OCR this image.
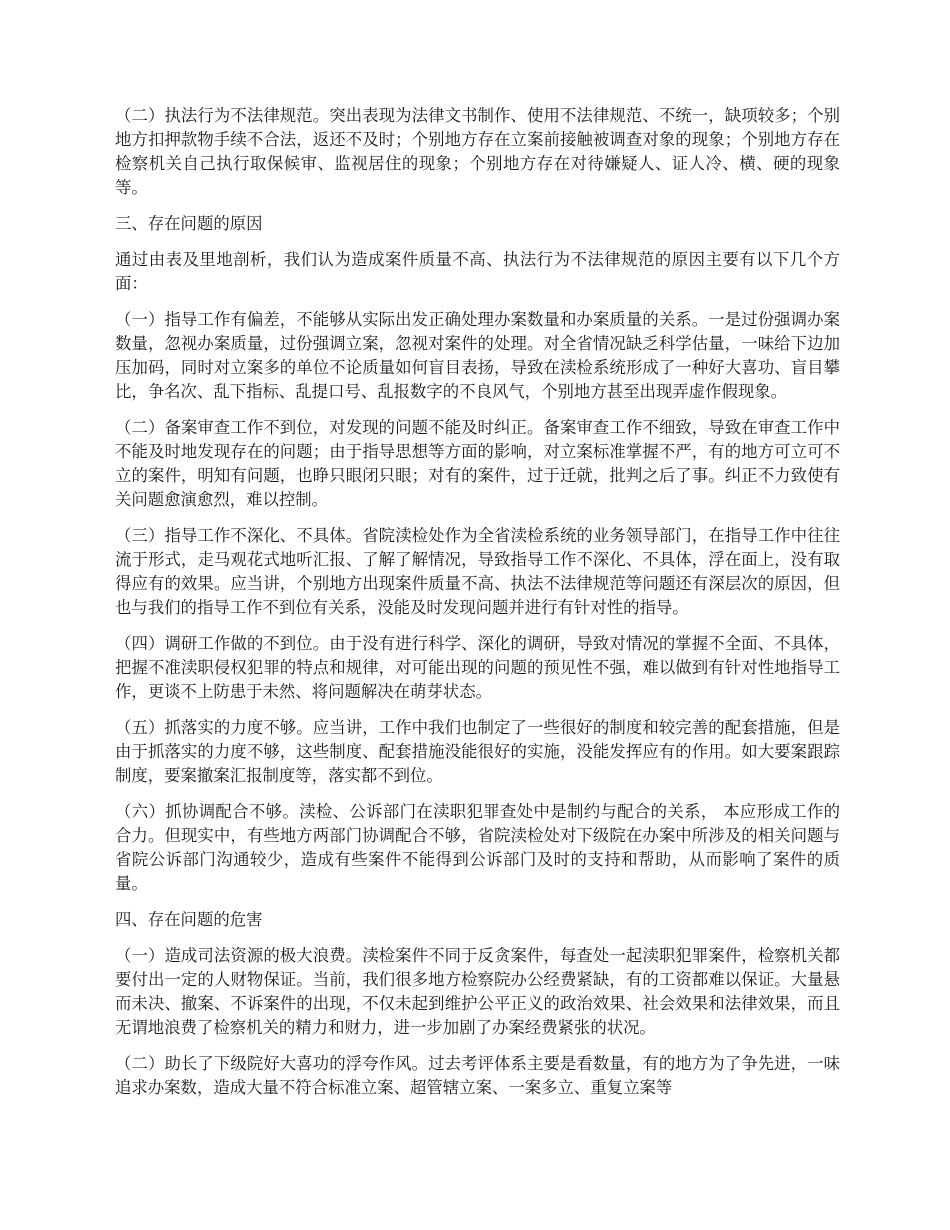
（二）执法行为不法律规范。突出表现为法律文书制作、使用不法律规范、不统一，缺项较多；个别地方扣押款物手续不合法，返还不及时；个别地方存在立案前接触被调查对象的现象；个别地方存在检察机关自己执行取保候审、监视居住的现象；个别地方存在对待嫌疑人、证人冷、横、硬的现象等。

三、存在问题的原因

通过由表及里地剖析，我们认为造成案件质量不高、执法行为不法律规范的原因主要有以下几个方面：

（一）指导工作有偏差，不能够从实际出发正确处理办案数量和办案质量的关系。一是过份强调办案数量，忽视办案质量，过份强调立案，忽视对案件的处理。对全省情况缺乏科学估量，一味给下边加压加码，同时对立案多的单位不论质量如何盲目表扬，导致在渎检系统形成了一种好大喜功、盲目攀比，争名次、乱下指标、乱提口号、乱报数字的不良风气，个别地方甚至出现弄虚作假现象。

（二）备案审查工作不到位，对发现的问题不能及时纠正。备案审查工作不细致，导致在审查工作中不能及时地发现存在的问题；由于指导思想等方面的影响，对立案标准掌握不严，有的地方可立可不立的案件，明知有问题，也睁只眼闭只眼；对有的案件，过于迁就，批判之后了事。纠正不力致使有关问题愈演愈烈，难以控制。

（三）指导工作不深化、不具体。省院渎检处作为全省渎检系统的业务领导部门，在指导工作中往往流于形式，走马观花式地听汇报、了解了解情况，导致指导工作不深化、不具体，浮在面上，没有取得应有的效果。应当讲，个别地方出现案件质量不高、执法不法律规范等问题还有深层次的原因，但也与我们的指导工作不到位有关系，没能及时发现问题并进行有针对性的指导。

（四）调研工作做的不到位。由于没有进行科学、深化的调研，导致对情况的掌握不全面、不具体，把握不准渎职侵权犯罪的特点和规律，对可能出现的问题的预见性不强，难以做到有针对性地指导工作，更谈不上防患于未然、将问题解决在萌芽状态。

（五）抓落实的力度不够。应当讲，工作中我们也制定了一些很好的制度和较完善的配套措施，但是由于抓落实的力度不够，这些制度、配套措施没能很好的实施，没能发挥应有的作用。如大要案跟踪制度，要案撤案汇报制度等，落实都不到位。

（六）抓协调配合不够。渎检、公诉部门在渎职犯罪查处中是制约与配合的关系， 本应形成工作的合力。但现实中，有些地方两部门协调配合不够，省院渎检处对下级院在办案中所涉及的相关问题与省院公诉部门沟通较少，造成有些案件不能得到公诉部门及时的支持和帮助，从而影响了案件的质量。

四、存在问题的危害

（一）造成司法资源的极大浪费。渎检案件不同于反贪案件，每查处一起渎职犯罪案件，检察机关都要付出一定的人财物保证。当前，我们很多地方检察院办公经费紧缺，有的工资都难以保证。大量悬而未决、撤案、不诉案件的出现，不仅未起到维护公平正义的政治效果、社会效果和法律效果，而且无谓地浪费了检察机关的精力和财力，进一步加剧了办案经费紧张的状况。

（二）助长了下级院好大喜功的浮夸作风。过去考评体系主要是看数量，有的地方为了争先进，一味追求办案数，造成大量不符合标准立案、超管辖立案、一案多立、重复立案等
